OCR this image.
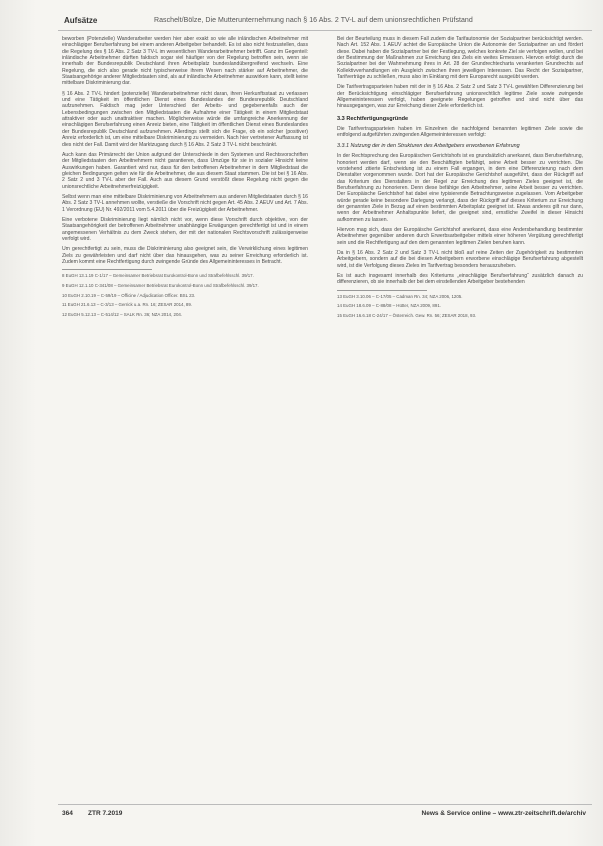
Aufsätze	Raschelt/Bölze, Die Mutterunternehmung nach § 16 Abs. 2 TV-L auf dem unionsrechtlichen Prüfstand

beworben (Potenzielle) Wanderarbeiter werden hier aber exakt so wie alle inländischen Arbeitnehmer mit einschlägiger Berufserfahrung bei einem anderen Arbeitgeber behandelt. Es ist also nicht festzustellen, dass die Regelung des § 16 Abs. 2 Satz 3 TV-L im wesentlichen Wanderarbeitnehmer betrifft. Ganz im Gegenteil: inländische Arbeitnehmer dürften faktisch sogar viel häufiger von der Regelung betroffen sein, wenn sie innerhalb der Bundesrepublik Deutschland ihren Arbeitsplatz bundeslandübergreifend wechseln. Eine Regelung, die sich also gerade nicht typischerweise ihrem Wesen nach stärker auf Arbeitnehmer, die Staatsangehörige anderer Mitgliedstaaten sind, als auf inländische Arbeitnehmer auswirken kann, stellt keine mittelbare Diskriminierung dar.

§ 16 Abs. 2 TV-L hindert (potenzielle) Wanderarbeitnehmer nicht daran, ihren Herkunftsstaat zu verlassen und eine Tätigkeit im öffentlichen Dienst eines Bundeslandes der Bundesrepublik Deutschland aufzunehmen. Faktisch mag jeder Unterschied der Arbeits- und gegebenenfalls auch der Lebensbedingungen zwischen den Mitgliedstaaten die Aufnahme einer Tätigkeit in einem Mitgliedstaat attraktiver oder auch unattraktiver machen. Möglicherweise würde die umfangreiche Anerkennung der einschlägigen Berufserfahrung einen Anreiz bieten, eine Tätigkeit im öffentlichen Dienst eines Bundeslandes der Bundesrepublik Deutschland aufzunehmen. Allerdings stellt sich die Frage, ob ein solcher (positiver) Anreiz erforderlich ist, um eine mittelbare Diskriminierung zu vermeiden. Nach hier vertretener Auffassung ist dies nicht der Fall. Damit wird der Marktzugang durch § 16 Abs. 2 Satz 3 TV-L nicht beschränkt.

Auch kann das Primärrecht der Union aufgrund der Unterschiede in den Systemen und Rechtsvorschriften der Mitgliedstaaten den Arbeitnehmern nicht garantieren, dass Umzüge für sie in sozialer Hinsicht keine Auswirkungen haben. Garantiert wird nur, dass für den betroffenen Arbeitnehmer in dem Mitgliedstaat die gleichen Bedingungen gelten wie für die Arbeitnehmer, die aus diesem Staat stammen. Die ist bei § 16 Abs. 2 Satz 2 und 3 TV-L aber der Fall. Auch aus diesem Grund verstößt diese Regelung nicht gegen die unionsrechtliche Arbeitnehmerfreizügigkeit.

Selbst wenn man eine mittelbare Diskriminierung von Arbeitnehmern aus anderen Mitgliedstaaten durch § 16 Abs. 2 Satz 3 TV-L annehmen wollte, verstieße die Vorschrift nicht gegen Art. 45 Abs. 2 AEUV und Art. 7 Abs. 1 Verordnung (EU) Nr. 492/2011 vom 5.4.2011 über die Freizügigkeit der Arbeitnehmer.

Eine verbotene Diskriminierung liegt nämlich nicht vor, wenn diese Vorschrift durch objektive, von der Staatsangehörigkeit der betroffenen Arbeitnehmer unabhängige Erwägungen gerechtfertigt ist und in einem angemessenen Verhältnis zu dem Zweck stehen, der mit der nationalen Rechtsvorschrift zulässigerweise verfolgt wird.

Um gerechtfertigt zu sein, muss die Diskriminierung also geeignet sein, die Verwirklichung eines legitimen Ziels zu gewährleisten und darf nicht über das hinausgehen, was zu seiner Erreichung erforderlich ist. Zudem kommt eine Rechtfertigung durch zwingende Gründe des Allgemeininteresses in Betracht.

8 EuGH 13.1.19 C-1/17 – Gemeinsamer Betriebsrat Eurokontrol-Bonn und Strafbefehlsschl. 39/17.

9 EuGH 12.1.10 C-341/08 – Gemeinsamer Betriebsrat Eurokontrol-Bonn und Strafbefehlsschl. 39/17.

10 EuGH 2.10.19 – C-59/19 – Officine / Adjudication Officer. BSL 23.

11 EuGH 21.6.13 – C-3/13 – Gerrick u.a. Rn. 16; ZESAR 2014, 89.

12 EuGH 5.12.13 – C-514/12 – SALK Rn. 36; NZA 2014, 204.

Bei der Beurteilung muss in diesem Fall zudem die Tarifautonomie der Sozialpartner berücksichtigt werden. Nach Art. 152 Abs. 1 AEUV achtet die Europäische Union die Autonomie der Sozialpartner an und fördert diese. Dabei haben die Sozialpartner bei der Festlegung, welches konkrete Ziel sie verfolgen wollen, und bei der Bestimmung der Maßnahmen zur Erreichung des Ziels ein weites Ermessen. Hiervon erfolgt durch die Sozialpartner bei der Wahrnehmung ihres in Art. 28 der Grundrechtecharta verankerten Grundrechts auf Kollektivverhandlungen ein Ausgleich zwischen ihren jeweiligen Interessen. Das Recht der Sozialpartner, Tarifverträge zu schließen, muss also im Einklang mit dem Europarecht ausgeübt werden.

Die Tarifvertragsparteien haben mit der in § 16 Abs. 2 Satz 2 und Satz 3 TV-L gewählten Differenzierung bei der Berücksichtigung einschlägiger Berufserfahrung unionsrechtlich legitime Ziele sowie zwingende Allgemeininteressen verfolgt, haben geeignete Regelungen getroffen und sind nicht über das hinausgegangen, was zur Erreichung dieser Ziele erforderlich ist.

3.3 Rechtfertigungsgründe

Die Tarifvertragsparteien haben im Einzelnen die nachfolgend benannten legitimen Ziele sowie die entfolgend aufgeführten zwingenden Allgemeininteressen verfolgt:

3.3.1 Nutzung der in den Strukturen des Arbeitgebers erworbenen Erfahrung

In der Rechtsprechung des Europäischen Gerichtshofs ist es grundsätzlich anerkannt, dass Berufserfahrung, honoriert werden darf, wenn sie den Beschäftigten befähigt, seine Arbeit besser zu verrichten. Die vorstehend zitierte Entscheidung ist zu einem Fall ergangen, in dem eine Differenzierung nach dem Dienstalter vorgenommen wurde. Dort hat der Europäische Gerichtshof ausgeführt, dass der Rückgriff auf das Kriterium des Dienstalters in der Regel zur Erreichung des legitimen Zieles geeignet ist, die Berufserfahrung zu honorieren. Denn diese befähige den Arbeitnehmer, seine Arbeit besser zu verrichten. Der Europäische Gerichtshof hat dabei eine typisierende Betrachtungsweise zugelassen. Vom Arbeitgeber würde gerade keine besondere Darlegung verlangt, dass der Rückgriff auf dieses Kriterium zur Erreichung der genannten Ziele in Bezug auf einen bestimmten Arbeitsplatz geeignet ist. Etwas anderes gilt nur dann, wenn der Arbeitnehmer Anhaltspunkte liefert, die geeignet sind, ernstliche Zweifel in dieser Hinsicht aufkommen zu lassen.

Hiervon mag sich, dass der Europäische Gerichtshof anerkannt, dass eine Andersbehandlung bestimmter Arbeitnehmer gegenüber anderen durch Erwerbsarbeitgeber mittels einer höheren Vergütung gerechtfertigt sein und die Rechtfertigung auf den dem genannten legitimen Zielen beruhen kann.

Da in § 16 Abs. 2 Satz 2 und Satz 3 TV-L nicht bloß auf reine Zeiten der Zugehörigkeit zu bestimmten Arbeitgebern, sondern auf die bei diesen Arbeitgebern erworbene einschlägige Berufserfahrung abgestellt wird, ist die Verfolgung dieses Zieles im Tarifvertrag besonders herauszuheben.

Es ist auch insgesamt innerhalb des Kriteriums „einschlägige Berufserfahrung“ zusätzlich danach zu differenzieren, ob sie innerhalb der bei dem einstellenden Arbeitgeber bestehenden

13 EuGH 3.10.06 – C-17/05 – Cadman Rn. 34; NZA 2006, 1205.

14 EuGH 18.6.09 – C-88/08 – Hütter, NZA 2009, 891.

15 EuGH 16.6.18 C-24/17 – Österreich. Gew. Rn. 56; ZESAR 2018, 93.

364 ZTR 7.2019	News & Service online – www.ztr-zeitschrift.de/archiv
